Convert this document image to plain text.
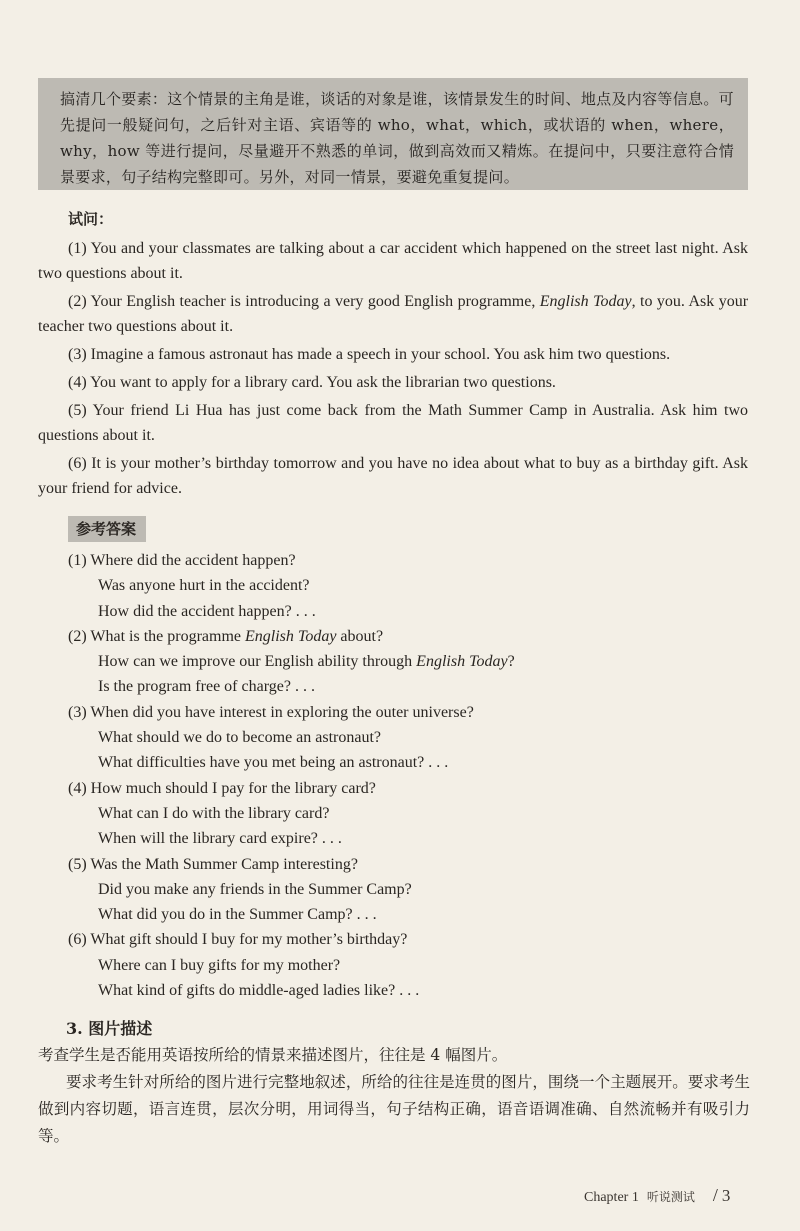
搞清几个要素：这个情景的主角是谁，谈话的对象是谁，该情景发生的时间、地点及内容等信息。可先提问一般疑问句，之后针对主语、宾语等的 who，what，which，或状语的 when，where，why，how 等进行提问，尽量避开不熟悉的单词，做到高效而又精炼。在提问中，只要注意符合情景要求，句子结构完整即可。另外，对同一情景，要避免重复提问。
试问：

(1) You and your classmates are talking about a car accident which happened on the street last night. Ask two questions about it.

(2) Your English teacher is introducing a very good English programme, English Today, to you. Ask your teacher two questions about it.

(3) Imagine a famous astronaut has made a speech in your school. You ask him two questions.

(4) You want to apply for a library card. You ask the librarian two questions.

(5) Your friend Li Hua has just come back from the Math Summer Camp in Australia. Ask him two questions about it.

(6) It is your mother’s birthday tomorrow and you have no idea about what to buy as a birthday gift. Ask your friend for advice.

参考答案
(1) Where did the accident happen?
Was anyone hurt in the accident?
How did the accident happen? . . .
(2) What is the programme English Today about?
How can we improve our English ability through English Today?
Is the program free of charge? . . .
(3) When did you have interest in exploring the outer universe?
What should we do to become an astronaut?
What difficulties have you met being an astronaut? . . .
(4) How much should I pay for the library card?
What can I do with the library card?
When will the library card expire? . . .
(5) Was the Math Summer Camp interesting?
Did you make any friends in the Summer Camp?
What did you do in the Summer Camp? . . .
(6) What gift should I buy for my mother’s birthday?
Where can I buy gifts for my mother?
What kind of gifts do middle-aged ladies like? . . .
3. 图片描述
考查学生是否能用英语按所给的情景来描述图片，往往是 4 幅图片。
要求考生针对所给的图片进行完整地叙述，所给的往往是连贯的图片，围绕一个主题展开。要求考生做到内容切题，语言连贯，层次分明，用词得当，句子结构正确，语音语调准确、自然流畅并有吸引力等。
Chapter 1 听说测试 / 3
